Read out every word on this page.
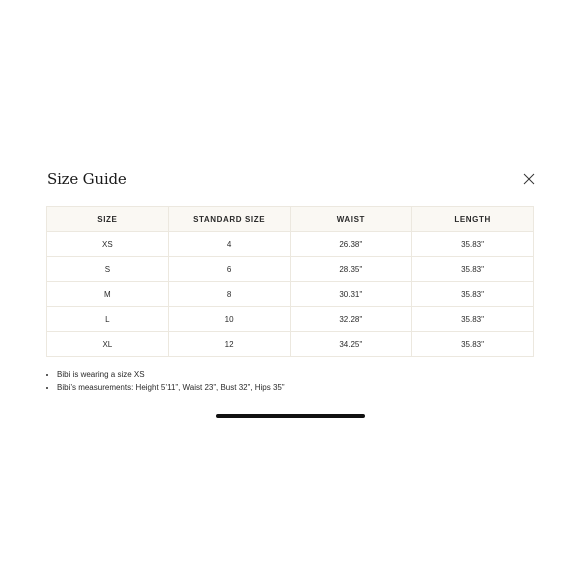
Size Guide
SIZE	STANDARD SIZE	WAIST	LENGTH
XS	4	26.38''	35.83''
S	6	28.35''	35.83''
M	8	30.31''	35.83''
L	10	32.28''	35.83''
XL	12	34.25''	35.83''
• Bibi is wearing a size XS
• Bibi’s measurements: Height 5’11”, Waist 23”, Bust 32”, Hips 35”
